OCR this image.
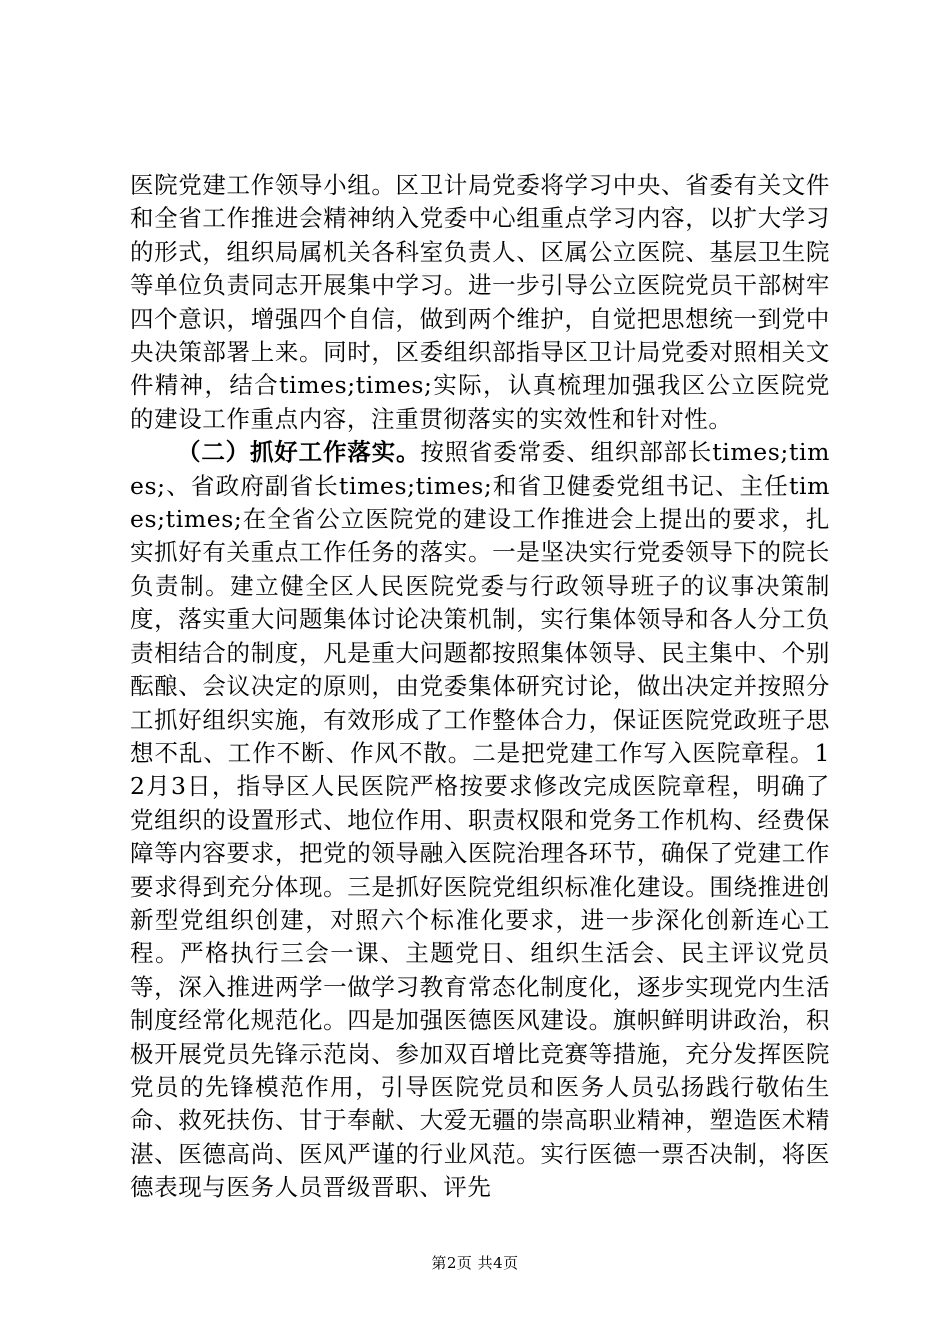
医院党建工作领导小组。区卫计局党委将学习中央、省委有关文件和全省工作推进会精神纳入党委中心组重点学习内容，以扩大学习的形式，组织局属机关各科室负责人、区属公立医院、基层卫生院等单位负责同志开展集中学习。进一步引导公立医院党员干部树牢四个意识，增强四个自信，做到两个维护，自觉把思想统一到党中央决策部署上来。同时，区委组织部指导区卫计局党委对照相关文件精神，结合times;times;实际，认真梳理加强我区公立医院党的建设工作重点内容，注重贯彻落实的实效性和针对性。

（二）抓好工作落实。按照省委常委、组织部部长times;times;、省政府副省长times;times;和省卫健委党组书记、主任times;times;在全省公立医院党的建设工作推进会上提出的要求，扎实抓好有关重点工作任务的落实。一是坚决实行党委领导下的院长负责制。建立健全区人民医院党委与行政领导班子的议事决策制度，落实重大问题集体讨论决策机制，实行集体领导和各人分工负责相结合的制度，凡是重大问题都按照集体领导、民主集中、个别酝酿、会议决定的原则，由党委集体研究讨论，做出决定并按照分工抓好组织实施，有效形成了工作整体合力，保证医院党政班子思想不乱、工作不断、作风不散。二是把党建工作写入医院章程。12月3日，指导区人民医院严格按要求修改完成医院章程，明确了党组织的设置形式、地位作用、职责权限和党务工作机构、经费保障等内容要求，把党的领导融入医院治理各环节，确保了党建工作要求得到充分体现。三是抓好医院党组织标准化建设。围绕推进创新型党组织创建，对照六个标准化要求，进一步深化创新连心工程。严格执行三会一课、主题党日、组织生活会、民主评议党员等，深入推进两学一做学习教育常态化制度化，逐步实现党内生活制度经常化规范化。四是加强医德医风建设。旗帜鲜明讲政治，积极开展党员先锋示范岗、参加双百增比竞赛等措施，充分发挥医院党员的先锋模范作用，引导医院党员和医务人员弘扬践行敬佑生命、救死扶伤、甘于奉献、大爱无疆的崇高职业精神，塑造医术精湛、医德高尚、医风严谨的行业风范。实行医德一票否决制，将医德表现与医务人员晋级晋职、评先

第2页 共4页
